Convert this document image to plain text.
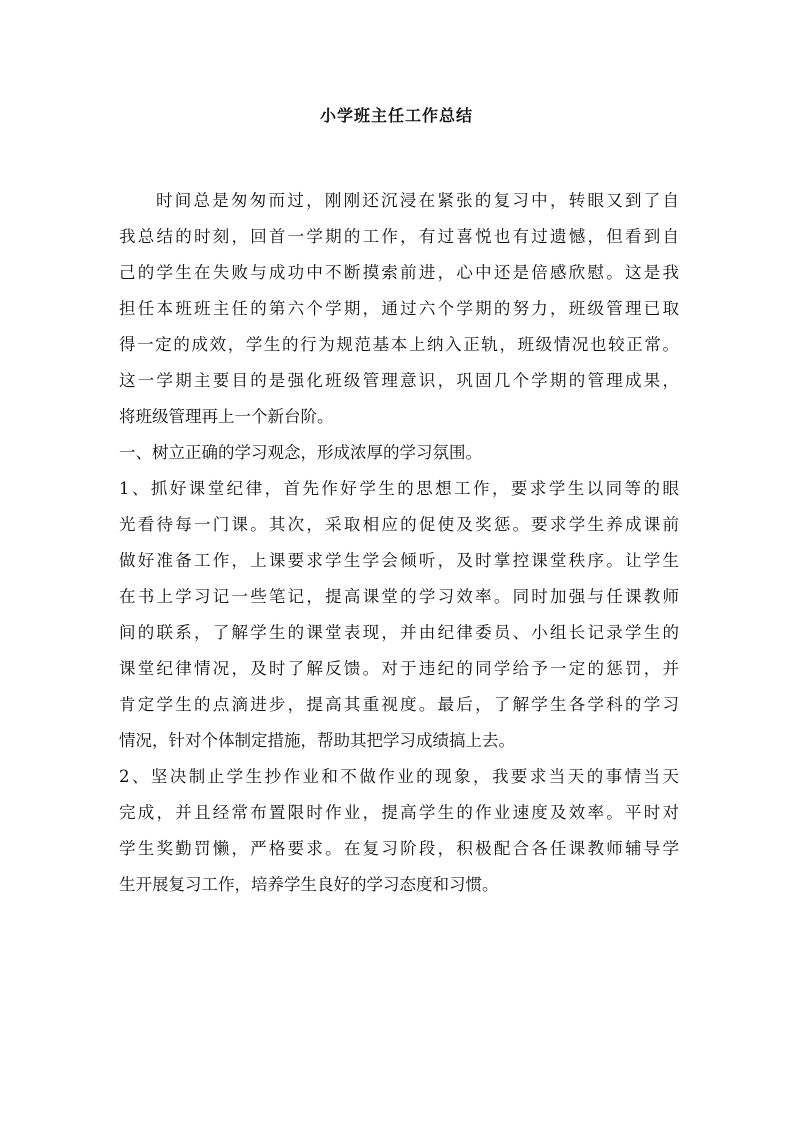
小学班主任工作总结
时间总是匆匆而过，刚刚还沉浸在紧张的复习中，转眼又到了自
我总结的时刻，回首一学期的工作，有过喜悦也有过遗憾，但看到自
己的学生在失败与成功中不断摸索前进，心中还是倍感欣慰。这是我
担任本班班主任的第六个学期，通过六个学期的努力，班级管理已取
得一定的成效，学生的行为规范基本上纳入正轨，班级情况也较正常。
这一学期主要目的是强化班级管理意识，巩固几个学期的管理成果，
将班级管理再上一个新台阶。
一、树立正确的学习观念，形成浓厚的学习氛围。
1、抓好课堂纪律，首先作好学生的思想工作，要求学生以同等的眼
光看待每一门课。其次，采取相应的促使及奖惩。要求学生养成课前
做好准备工作，上课要求学生学会倾听，及时掌控课堂秩序。让学生
在书上学习记一些笔记，提高课堂的学习效率。同时加强与任课教师
间的联系，了解学生的课堂表现，并由纪律委员、小组长记录学生的
课堂纪律情况，及时了解反馈。对于违纪的同学给予一定的惩罚，并
肯定学生的点滴进步，提高其重视度。最后，了解学生各学科的学习
情况，针对个体制定措施，帮助其把学习成绩搞上去。
2、坚决制止学生抄作业和不做作业的现象，我要求当天的事情当天
完成，并且经常布置限时作业，提高学生的作业速度及效率。平时对
学生奖勤罚懒，严格要求。在复习阶段，积极配合各任课教师辅导学
生开展复习工作，培养学生良好的学习态度和习惯。
